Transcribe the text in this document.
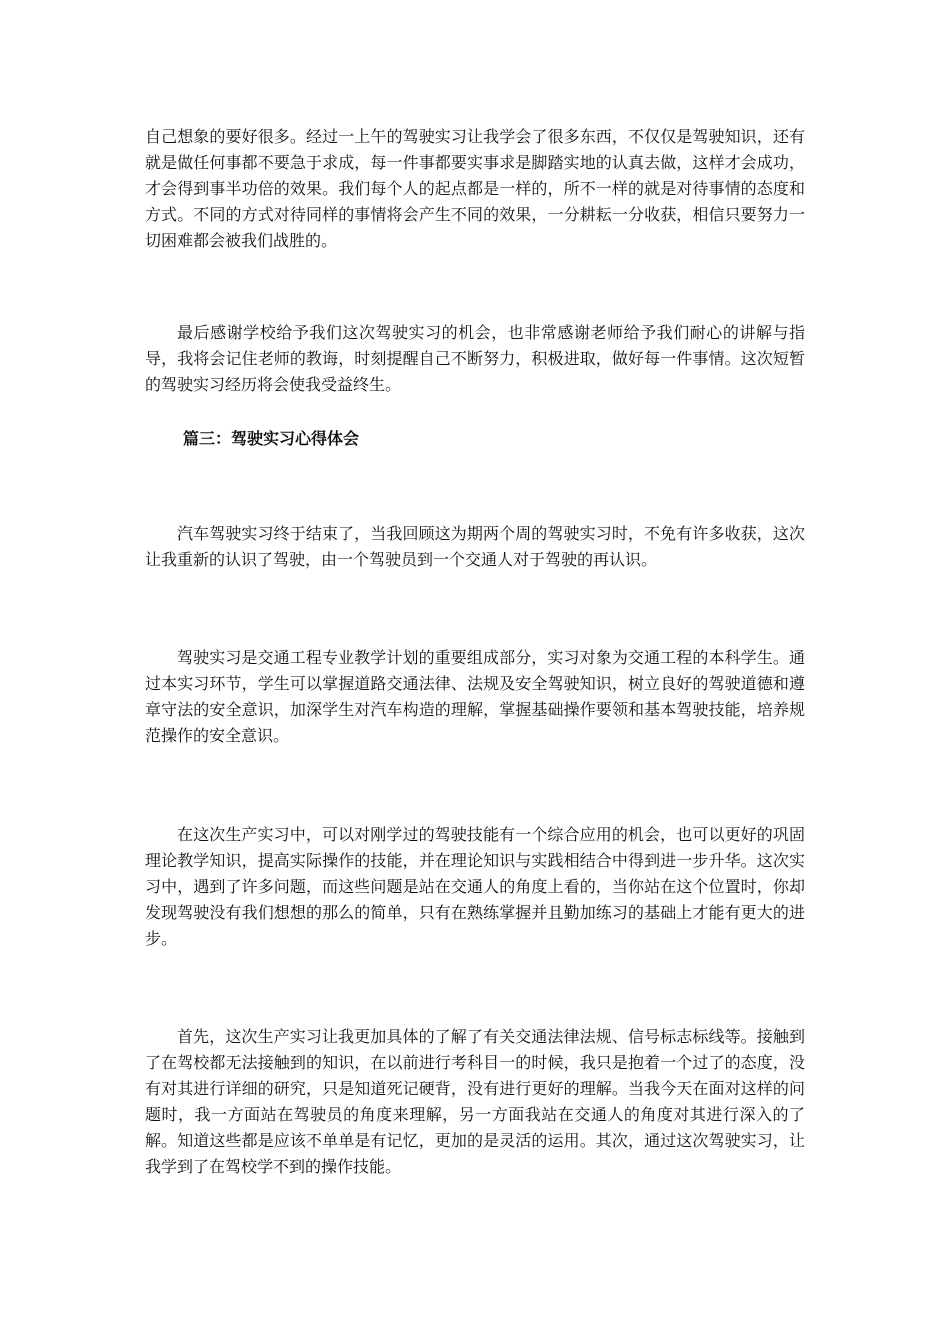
自己想象的要好很多。经过一上午的驾驶实习让我学会了很多东西，不仅仅是驾驶知识，还有就是做任何事都不要急于求成，每一件事都要实事求是脚踏实地的认真去做，这样才会成功，才会得到事半功倍的效果。我们每个人的起点都是一样的，所不一样的就是对待事情的态度和方式。不同的方式对待同样的事情将会产生不同的效果，一分耕耘一分收获，相信只要努力一切困难都会被我们战胜的。

最后感谢学校给予我们这次驾驶实习的机会，也非常感谢老师给予我们耐心的讲解与指导，我将会记住老师的教诲，时刻提醒自己不断努力，积极进取，做好每一件事情。这次短暂的驾驶实习经历将会使我受益终生。

篇三：驾驶实习心得体会

汽车驾驶实习终于结束了，当我回顾这为期两个周的驾驶实习时，不免有许多收获，这次让我重新的认识了驾驶，由一个驾驶员到一个交通人对于驾驶的再认识。

驾驶实习是交通工程专业教学计划的重要组成部分，实习对象为交通工程的本科学生。通过本实习环节，学生可以掌握道路交通法律、法规及安全驾驶知识，树立良好的驾驶道德和遵章守法的安全意识，加深学生对汽车构造的理解，掌握基础操作要领和基本驾驶技能，培养规范操作的安全意识。

在这次生产实习中，可以对刚学过的驾驶技能有一个综合应用的机会，也可以更好的巩固理论教学知识，提高实际操作的技能，并在理论知识与实践相结合中得到进一步升华。这次实习中，遇到了许多问题，而这些问题是站在交通人的角度上看的，当你站在这个位置时，你却发现驾驶没有我们想想的那么的简单，只有在熟练掌握并且勤加练习的基础上才能有更大的进步。

首先，这次生产实习让我更加具体的了解了有关交通法律法规、信号标志标线等。接触到了在驾校都无法接触到的知识，在以前进行考科目一的时候，我只是抱着一个过了的态度，没有对其进行详细的研究，只是知道死记硬背，没有进行更好的理解。当我今天在面对这样的问题时，我一方面站在驾驶员的角度来理解，另一方面我站在交通人的角度对其进行深入的了解。知道这些都是应该不单单是有记忆，更加的是灵活的运用。其次，通过这次驾驶实习，让我学到了在驾校学不到的操作技能。
